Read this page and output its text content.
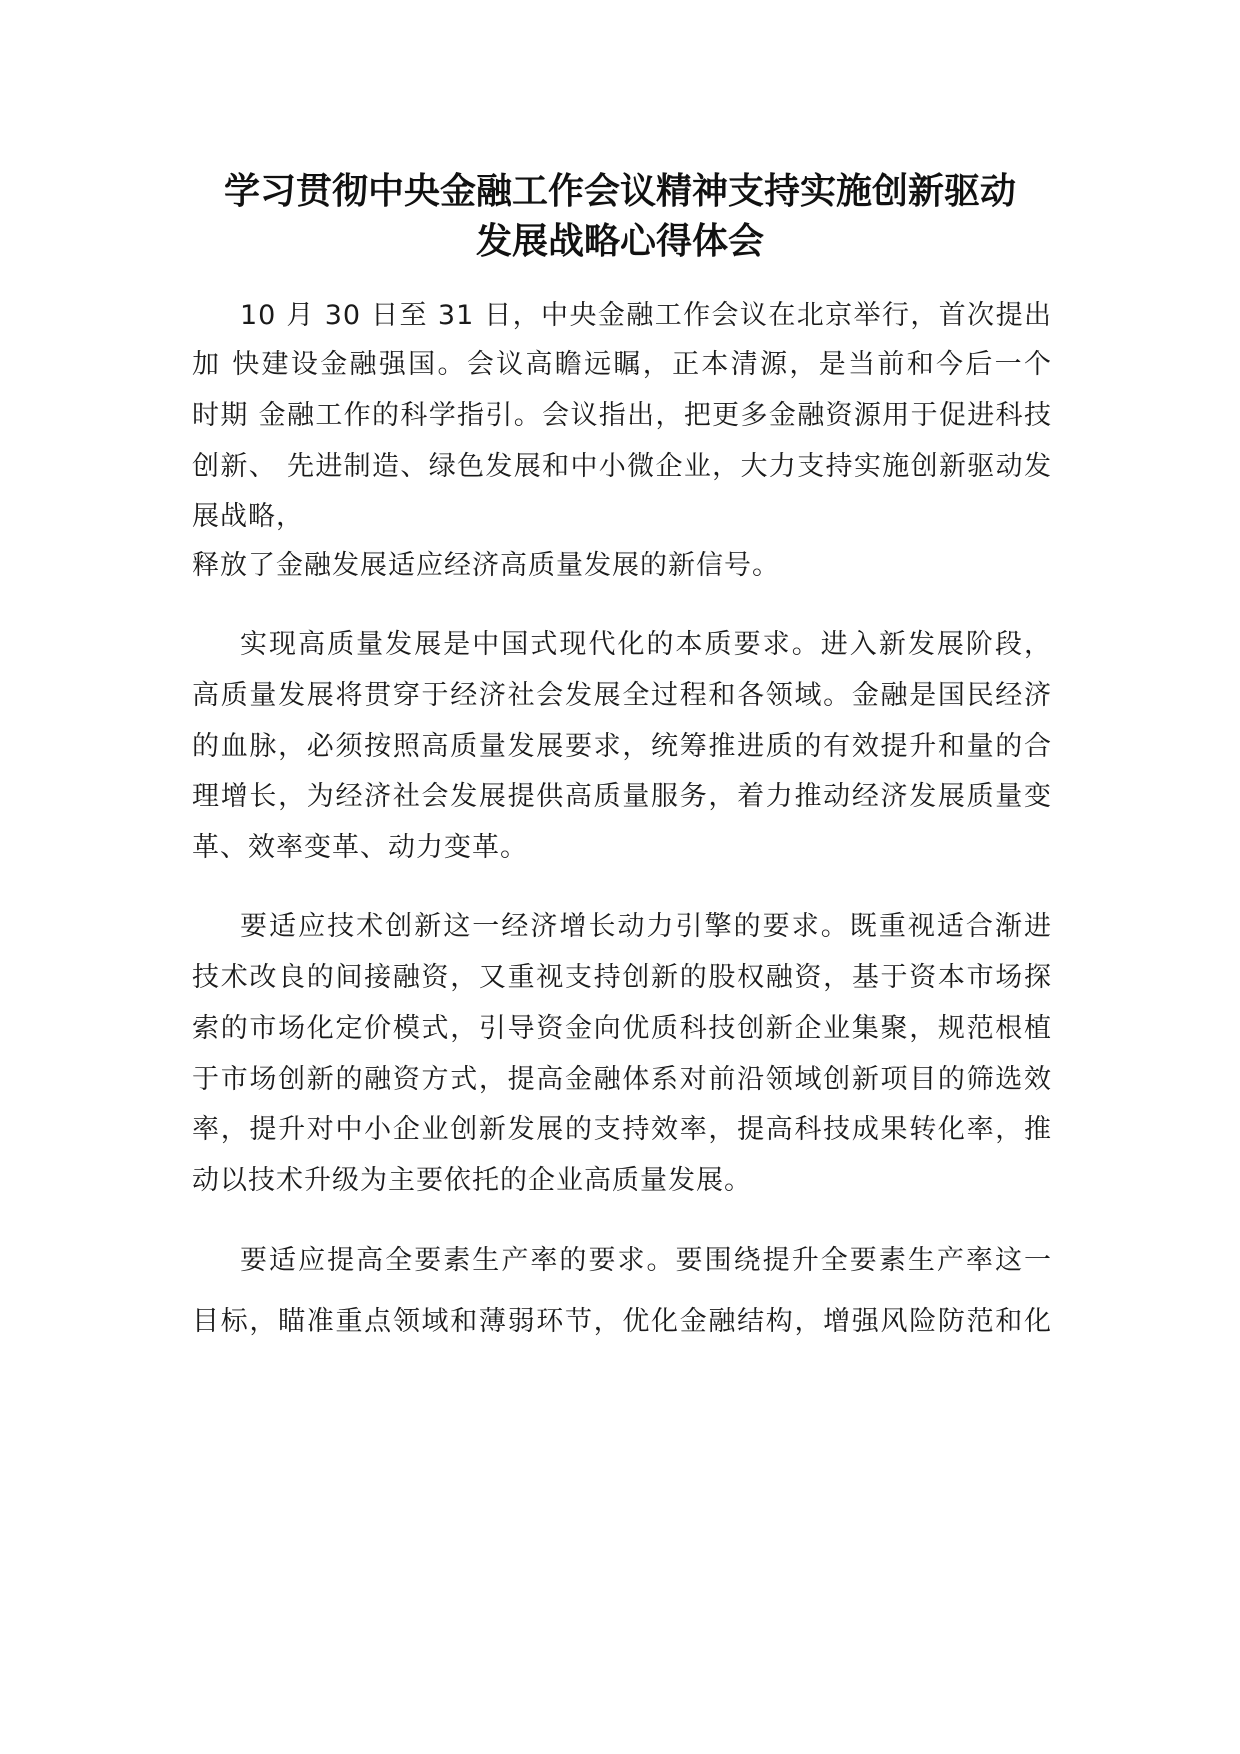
学习贯彻中央金融工作会议精神支持实施创新驱动
发展战略心得体会
10 月 30 日至 31 日，中央金融工作会议在北京举行，首次提出
加 快建设金融强国。会议高瞻远瞩，正本清源，是当前和今后一个
时期 金融工作的科学指引。会议指出，把更多金融资源用于促进科技
创新、 先进制造、绿色发展和中小微企业，大力支持实施创新驱动发
展战略，
释放了金融发展适应经济高质量发展的新信号。
实现高质量发展是中国式现代化的本质要求。进入新发展阶段，
高质量发展将贯穿于经济社会发展全过程和各领域。金融是国民经济
的血脉，必须按照高质量发展要求，统筹推进质的有效提升和量的合
理增长，为经济社会发展提供高质量服务，着力推动经济发展质量变
革、效率变革、动力变革。
要适应技术创新这一经济增长动力引擎的要求。既重视适合渐进
技术改良的间接融资，又重视支持创新的股权融资，基于资本市场探
索的市场化定价模式，引导资金向优质科技创新企业集聚，规范根植
于市场创新的融资方式，提高金融体系对前沿领域创新项目的筛选效
率，提升对中小企业创新发展的支持效率，提高科技成果转化率，推
动以技术升级为主要依托的企业高质量发展。
要适应提高全要素生产率的要求。要围绕提升全要素生产率这一
目标，瞄准重点领域和薄弱环节，优化金融结构，增强风险防范和化
